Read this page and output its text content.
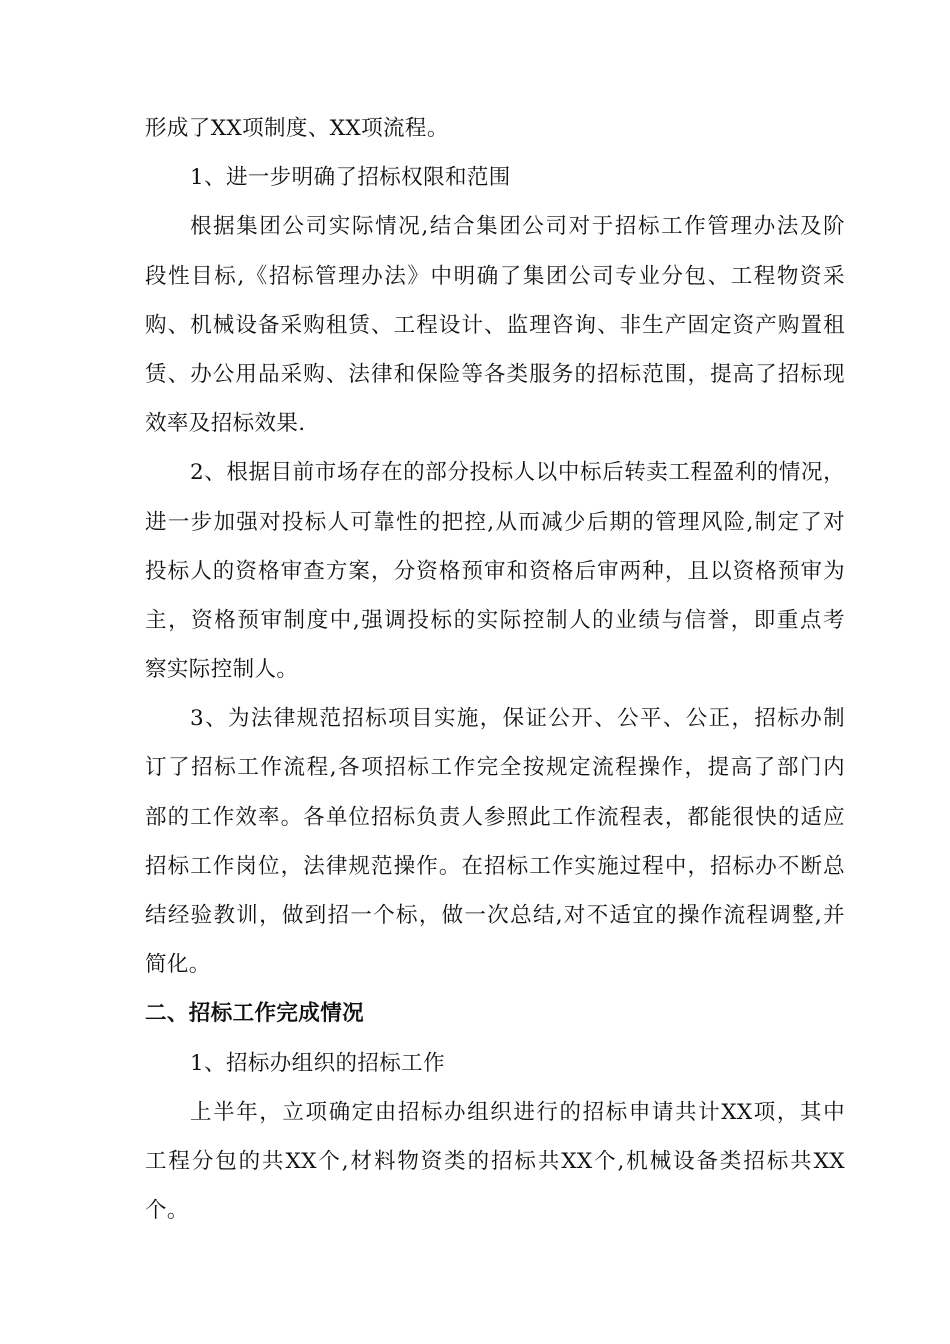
形成了XX项制度、XX项流程。
1、进一步明确了招标权限和范围
根据集团公司实际情况,结合集团公司对于招标工作管理办法及阶
段性目标,《招标管理办法》中明确了集团公司专业分包、工程物资采
购、机械设备采购租赁、工程设计、监理咨询、非生产固定资产购置租
赁、办公用品采购、法律和保险等各类服务的招标范围，提高了招标现
效率及招标效果.
2、根据目前市场存在的部分投标人以中标后转卖工程盈利的情况，
进一步加强对投标人可靠性的把控,从而减少后期的管理风险,制定了对
投标人的资格审查方案，分资格预审和资格后审两种，且以资格预审为
主，资格预审制度中,强调投标的实际控制人的业绩与信誉，即重点考
察实际控制人。
3、为法律规范招标项目实施，保证公开、公平、公正，招标办制
订了招标工作流程,各项招标工作完全按规定流程操作，提高了部门内
部的工作效率。各单位招标负责人参照此工作流程表，都能很快的适应
招标工作岗位，法律规范操作。在招标工作实施过程中，招标办不断总
结经验教训，做到招一个标，做一次总结,对不适宜的操作流程调整,并
简化。
二、招标工作完成情况
1、招标办组织的招标工作
上半年，立项确定由招标办组织进行的招标申请共计XX项，其中
工程分包的共XX个,材料物资类的招标共XX个,机械设备类招标共XX
个。
